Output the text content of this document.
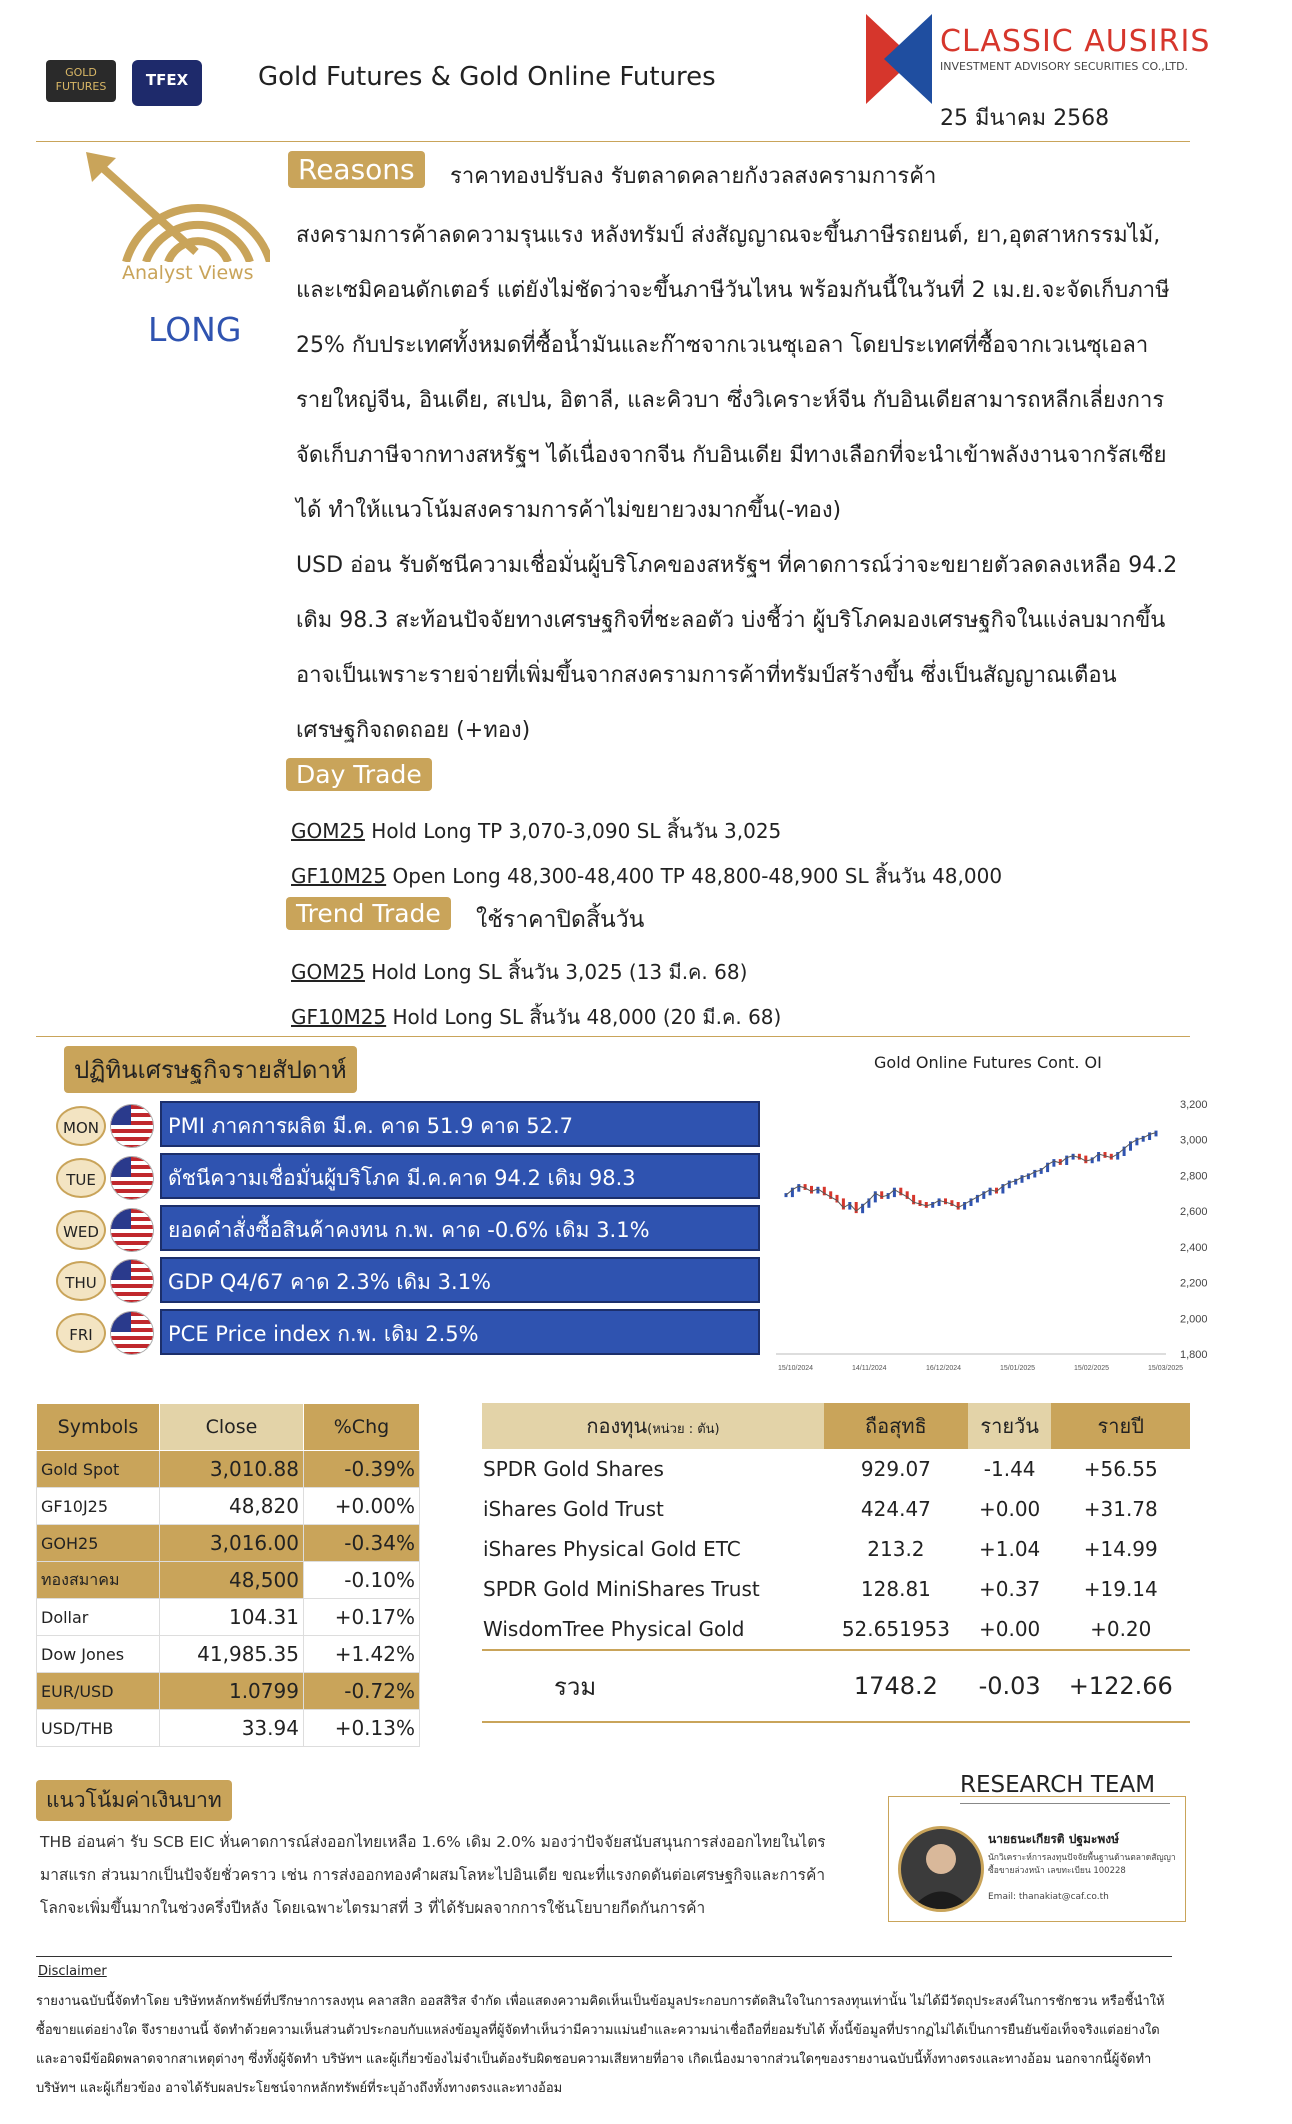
GOLD FUTURES	TFEX	Gold Futures & Gold Online Futures
CLASSIC AUSIRIS
INVESTMENT ADVISORY SECURITIES CO.,LTD.
25 มีนาคม 2568
Analyst Views
LONG
Reasons	ราคาทองปรับลง รับตลาดคลายกังวลสงครามการค้า
สงครามการค้าลดความรุนแรง หลังทรัมป์ ส่งสัญญาณจะขึ้นภาษีรถยนต์, ยา,อุตสาหกรรมไม้,
และเซมิคอนดักเตอร์ แต่ยังไม่ชัดว่าจะขึ้นภาษีวันไหน พร้อมกันนี้ในวันที่ 2 เม.ย.จะจัดเก็บภาษี
25% กับประเทศทั้งหมดที่ซื้อน้ำมันและก๊าซจากเวเนซุเอลา โดยประเทศที่ซื้อจากเวเนซุเอลา
รายใหญ่จีน, อินเดีย, สเปน, อิตาลี, และคิวบา ซึ่งวิเคราะห์จีน กับอินเดียสามารถหลีกเลี่ยงการ
จัดเก็บภาษีจากทางสหรัฐฯ ได้เนื่องจากจีน กับอินเดีย มีทางเลือกที่จะนำเข้าพลังงานจากรัสเซีย
ได้ ทำให้แนวโน้มสงครามการค้าไม่ขยายวงมากขึ้น(-ทอง)
USD อ่อน รับดัชนีความเชื่อมั่นผู้บริโภคของสหรัฐฯ ที่คาดการณ์ว่าจะขยายตัวลดลงเหลือ 94.2
เดิม 98.3 สะท้อนปัจจัยทางเศรษฐกิจที่ชะลอตัว บ่งชี้ว่า ผู้บริโภคมองเศรษฐกิจในแง่ลบมากขึ้น
อาจเป็นเพราะรายจ่ายที่เพิ่มขึ้นจากสงครามการค้าที่ทรัมป์สร้างขึ้น ซึ่งเป็นสัญญาณเตือน
เศรษฐกิจถดถอย (+ทอง)
Day Trade
GOM25 Hold Long TP 3,070-3,090 SL สิ้นวัน 3,025
GF10M25 Open Long 48,300-48,400 TP 48,800-48,900 SL สิ้นวัน 48,000
Trend Trade	ใช้ราคาปิดสิ้นวัน
GOM25 Hold Long SL สิ้นวัน 3,025 (13 มี.ค. 68)
GF10M25 Hold Long SL สิ้นวัน 48,000 (20 มี.ค. 68)
ปฏิทินเศรษฐกิจรายสัปดาห์
MON	PMI ภาคการผลิต มี.ค. คาด 51.9 คาด 52.7
TUE	ดัชนีความเชื่อมั่นผู้บริโภค มี.ค.คาด 94.2 เดิม 98.3
WED	ยอดคำสั่งซื้อสินค้าคงทน ก.พ. คาด -0.6% เดิม 3.1%
THU	GDP Q4/67 คาด 2.3% เดิม 3.1%
FRI	PCE Price index ก.พ. เดิม 2.5%
Gold Online Futures Cont. OI
3,200
3,000
2,800
2,600
2,400
2,200
2,000
1,800
15/10/2024	14/11/2024	16/12/2024	15/01/2025	15/02/2025	15/03/2025
Symbols	Close	%Chg
Gold Spot	3,010.88	-0.39%
GF10J25	48,820	+0.00%
GOH25	3,016.00	-0.34%
ทองสมาคม	48,500	-0.10%
Dollar	104.31	+0.17%
Dow Jones	41,985.35	+1.42%
EUR/USD	1.0799	-0.72%
USD/THB	33.94	+0.13%
กองทุน(หน่วย : ตัน)	ถือสุทธิ	รายวัน	รายปี
SPDR Gold Shares	929.07	-1.44	+56.55
iShares Gold Trust	424.47	+0.00	+31.78
iShares Physical Gold ETC	213.2	+1.04	+14.99
SPDR Gold MiniShares Trust	128.81	+0.37	+19.14
WisdomTree Physical Gold	52.651953	+0.00	+0.20
รวม	1748.2	-0.03	+122.66
แนวโน้มค่าเงินบาท
THB อ่อนค่า รับ SCB EIC หั่นคาดการณ์ส่งออกไทยเหลือ 1.6% เดิม 2.0% มองว่าปัจจัยสนับสนุนการส่งออกไทยในไตร
มาสแรก ส่วนมากเป็นปัจจัยชั่วคราว เช่น การส่งออกทองคำผสมโลหะไปอินเดีย ขณะที่แรงกดดันต่อเศรษฐกิจและการค้า
โลกจะเพิ่มขึ้นมากในช่วงครึ่งปีหลัง โดยเฉพาะไตรมาสที่ 3 ที่ได้รับผลจากการใช้นโยบายกีดกันการค้า
RESEARCH TEAM
นายธนะเกียรติ ปฐมะพงษ์
นักวิเคราะห์การลงทุนปัจจัยพื้นฐานด้านตลาดสัญญาซื้อขายล่วงหน้า เลขทะเบียน 100228
Email: thanakiat@caf.co.th
Disclaimer
รายงานฉบับนี้จัดทำโดย บริษัทหลักทรัพย์ที่ปรึกษาการลงทุน คลาสสิก ออสสิริส จำกัด เพื่อแสดงความคิดเห็นเป็นข้อมูลประกอบการตัดสินใจในการลงทุนเท่านั้น ไม่ได้มีวัตถุประสงค์ในการชักชวน หรือชี้นำให้
ซื้อขายแต่อย่างใด จึงรายงานนี้ จัดทำด้วยความเห็นส่วนตัวประกอบกับแหล่งข้อมูลที่ผู้จัดทำเห็นว่ามีความแม่นยำและความน่าเชื่อถือที่ยอมรับได้ ทั้งนี้ข้อมูลที่ปรากฏไม่ได้เป็นการยืนยันข้อเท็จจริงแต่อย่างใด
และอาจมีข้อผิดพลาดจากสาเหตุต่างๆ ซึ่งทั้งผู้จัดทำ บริษัทฯ และผู้เกี่ยวข้องไม่จำเป็นต้องรับผิดชอบความเสียหายที่อาจ เกิดเนื่องมาจากส่วนใดๆของรายงานฉบับนี้ทั้งทางตรงและทางอ้อม นอกจากนี้ผู้จัดทำ
บริษัทฯ และผู้เกี่ยวข้อง อาจได้รับผลประโยชน์จากหลักทรัพย์ที่ระบุอ้างถึงทั้งทางตรงและทางอ้อม
